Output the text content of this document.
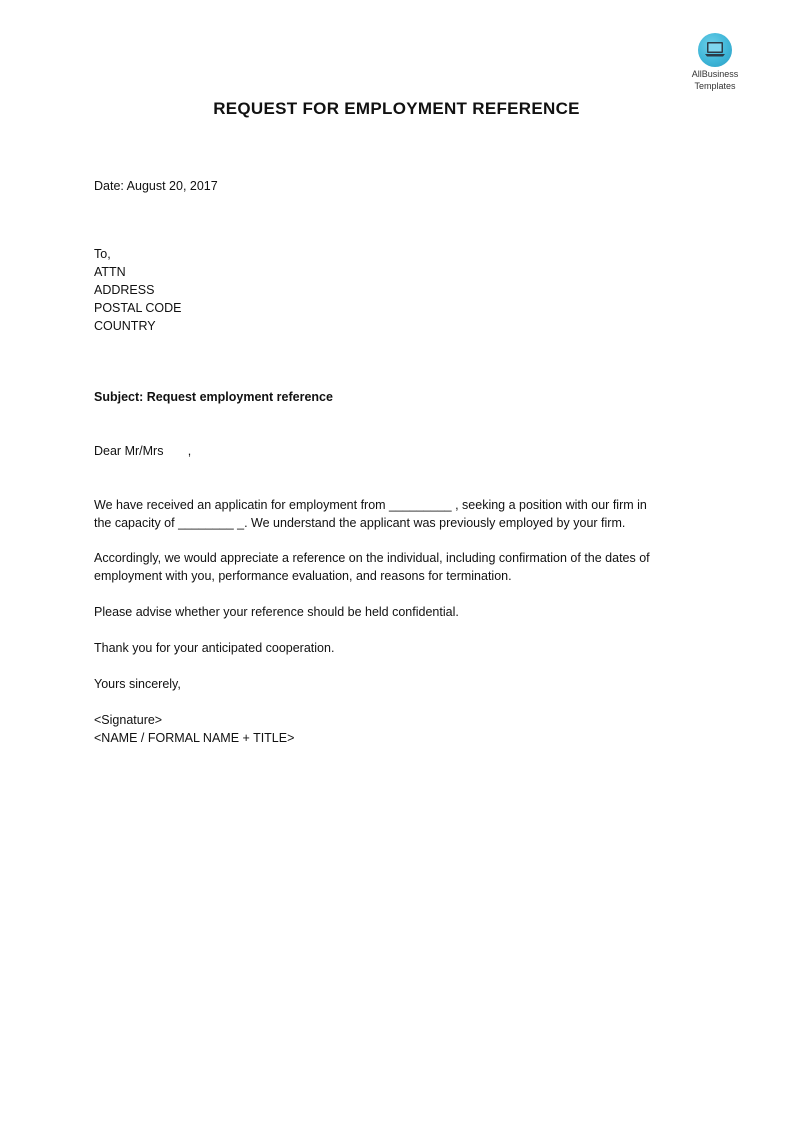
AllBusiness
Templates
REQUEST FOR EMPLOYMENT REFERENCE
Date: August 20, 2017
To,
ATTN
ADDRESS
POSTAL CODE
COUNTRY
Subject: Request employment reference
Dear Mr/Mrs       ,
We have received an applicatin for employment from _________ , seeking a position with our firm in
the capacity of ________ _. We understand the applicant was previously employed by your firm.
Accordingly, we would appreciate a reference on the individual, including confirmation of the dates of
employment with you, performance evaluation, and reasons for termination.
Please advise whether your reference should be held confidential.
Thank you for your anticipated cooperation.
Yours sincerely,
<Signature>
<NAME / FORMAL NAME + TITLE>
